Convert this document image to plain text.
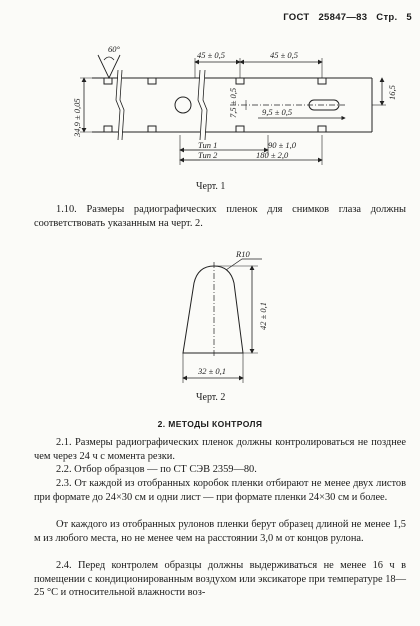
ГОСТ 25847—83 Стр. 5
60°
34,9 ± 0,05
45 ± 0,5	45 ± 0,5
7,5 ± 0,5	9,5 ± 0,5
16,5
Тип 1	90 ± 1,0
Тип 2	180 ± 2,0
R10
42 ± 0,1
32 ± 0,1
Черт. 1
1.10. Размеры радиографических пленок для снимков глаза должны соответствовать указанным на черт. 2.
Черт. 2
2. МЕТОДЫ КОНТРОЛЯ
2.1. Размеры радиографических пленок должны контролироваться не позднее чем через 24 ч с момента резки.
2.2. Отбор образцов — по СТ СЭВ 2359—80.
2.3. От каждой из отобранных коробок пленки отбирают не менее двух листов при формате до 24×30 см и одни лист — при формате пленки 24×30 см и более.
От каждого из отобранных рулонов пленки берут образец длиной не менее 1,5 м из любого места, но не менее чем на расстоянии 3,0 м от концов рулона.
2.4. Перед контролем образцы должны выдерживаться не менее 16 ч в помещении с кондиционированным воздухом или эксикаторе при температуре 18—25 °С и относительной влажности воз-
